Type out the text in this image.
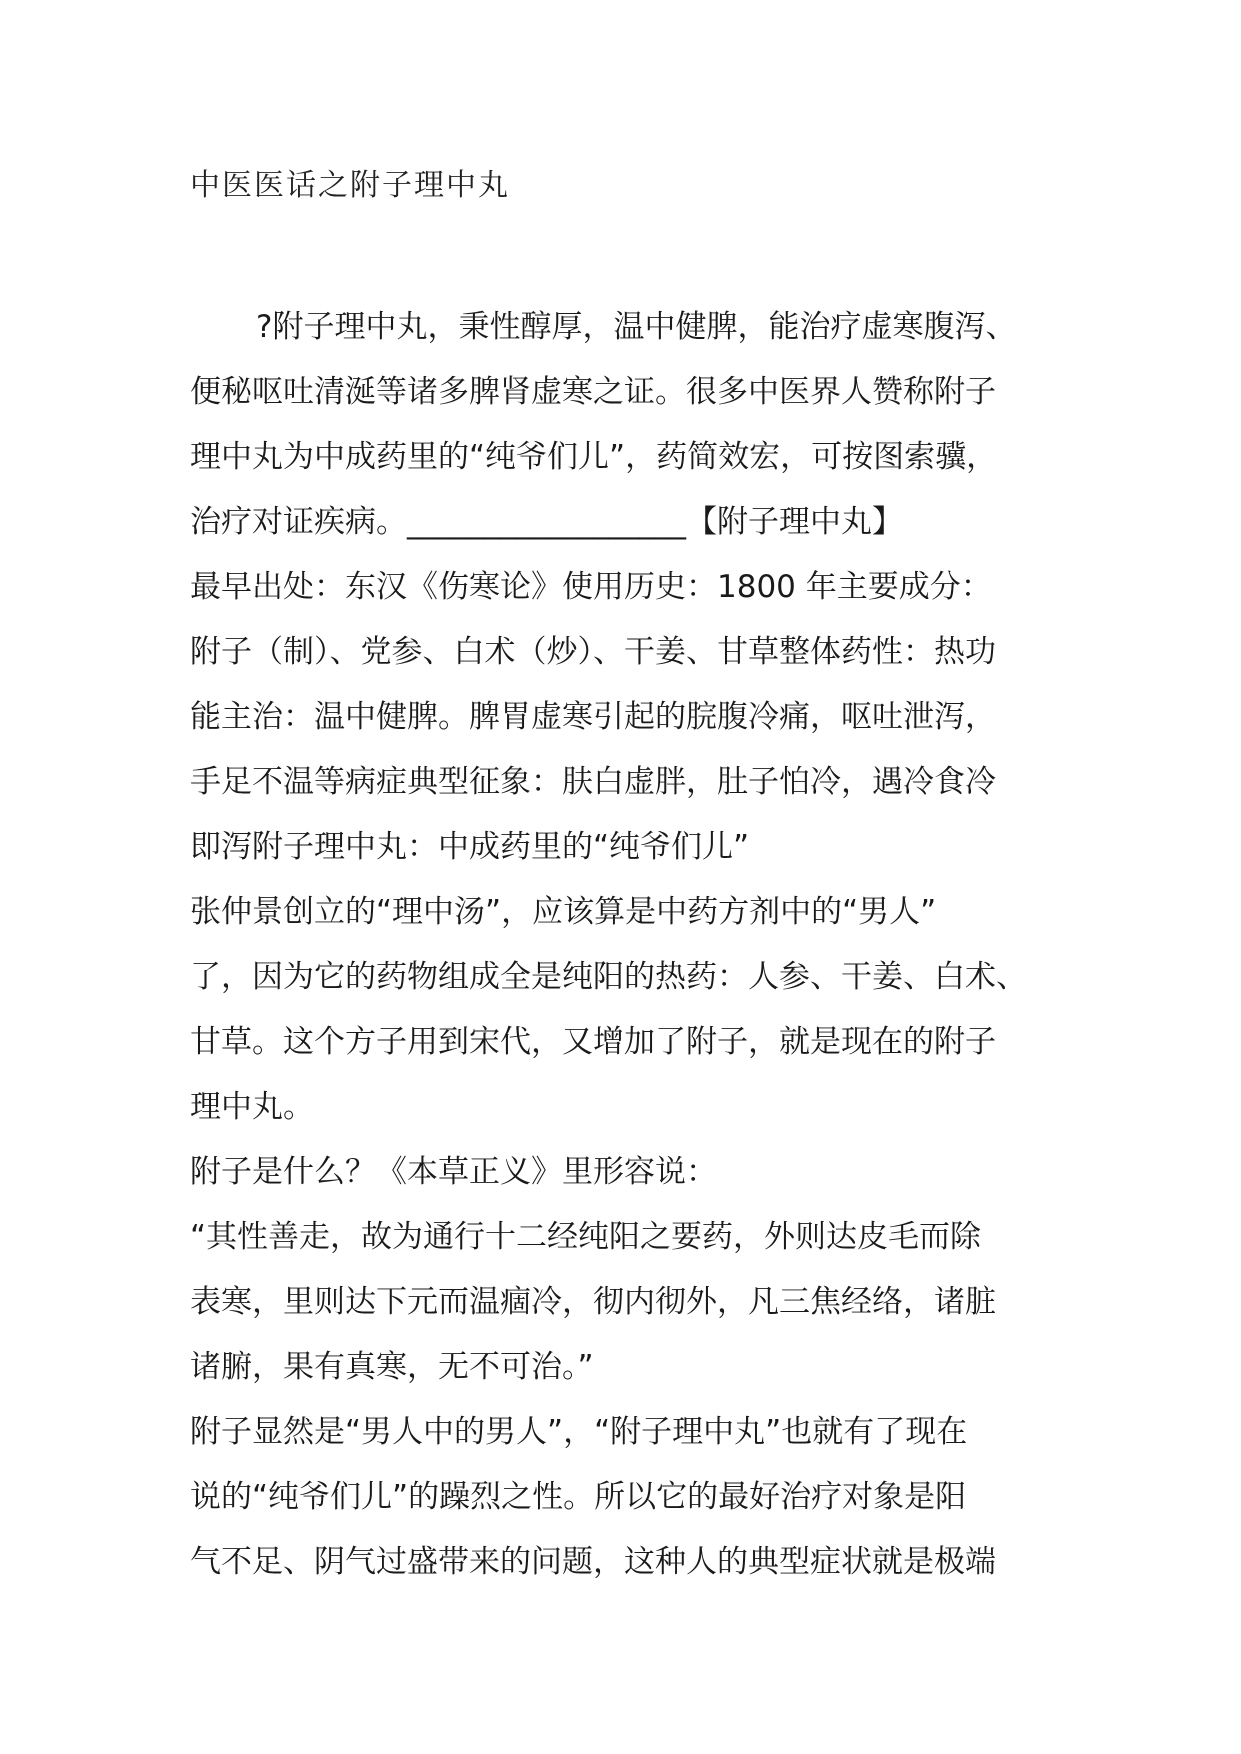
中医医话之附子理中丸
?附子理中丸，秉性醇厚，温中健脾，能治疗虚寒腹泻、
便秘呕吐清涎等诸多脾肾虚寒之证。很多中医界人赞称附子
理中丸为中成药里的“纯爷们儿”，药简效宏，可按图索骥，
治疗对证疾病。__________________【附子理中丸】
最早出处：东汉《伤寒论》使用历史：1800 年主要成分：
附子（制）、党参、白术（炒）、干姜、甘草整体药性：热功
能主治：温中健脾。脾胃虚寒引起的脘腹冷痛，呕吐泄泻，
手足不温等病症典型征象：肤白虚胖，肚子怕冷，遇冷食冷
即泻附子理中丸：中成药里的“纯爷们儿”
张仲景创立的“理中汤”，应该算是中药方剂中的“男人”
了，因为它的药物组成全是纯阳的热药：人参、干姜、白术、
甘草。这个方子用到宋代，又增加了附子，就是现在的附子
理中丸。
附子是什么？《本草正义》里形容说：
“其性善走，故为通行十二经纯阳之要药，外则达皮毛而除
表寒，里则达下元而温痼冷，彻内彻外，凡三焦经络，诸脏
诸腑，果有真寒，无不可治。”
附子显然是“男人中的男人”，“附子理中丸”也就有了现在
说的“纯爷们儿”的躁烈之性。所以它的最好治疗对象是阳
气不足、阴气过盛带来的问题，这种人的典型症状就是极端
